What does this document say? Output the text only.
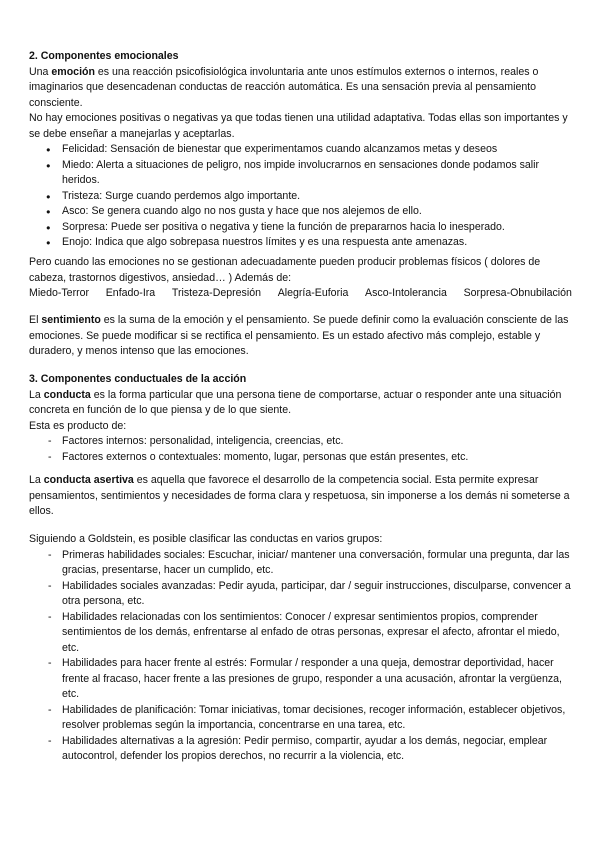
2. Componentes emocionales

Una emoción es una reacción psicofisiológica involuntaria ante unos estímulos externos o internos, reales o imaginarios que desencadenan conductas de reacción automática. Es una sensación previa al pensamiento consciente.

No hay emociones positivas o negativas ya que todas tienen una utilidad adaptativa. Todas ellas son importantes y se debe enseñar a manejarlas y aceptarlas.

● Felicidad: Sensación de bienestar que experimentamos cuando alcanzamos metas y deseos
● Miedo: Alerta a situaciones de peligro, nos impide involucrarnos en sensaciones donde podamos salir heridos.
● Tristeza: Surge cuando perdemos algo importante.
● Asco: Se genera cuando algo no nos gusta y hace que nos alejemos de ello.
● Sorpresa: Puede ser positiva o negativa y tiene la función de prepararnos hacia lo inesperado.
● Enojo: Indica que algo sobrepasa nuestros límites y es una respuesta ante amenazas.

Pero cuando las emociones no se gestionan adecuadamente pueden producir problemas físicos ( dolores de cabeza, trastornos digestivos, ansiedad… ) Además de:

Miedo-Terror Enfado-Ira Tristeza-Depresión Alegría-Euforia Asco-Intolerancia Sorpresa-Obnubilación

El sentimiento es la suma de la emoción y el pensamiento. Se puede definir como la evaluación consciente de las emociones. Se puede modificar si se rectifica el pensamiento. Es un estado afectivo más complejo, estable y duradero, y menos intenso que las emociones.

3. Componentes conductuales de la acción

La conducta es la forma particular que una persona tiene de comportarse, actuar o responder ante una situación concreta en función de lo que piensa y de lo que siente.

Esta es producto de:

- Factores internos: personalidad, inteligencia, creencias, etc.
- Factores externos o contextuales: momento, lugar, personas que están presentes, etc.

La conducta asertiva es aquella que favorece el desarrollo de la competencia social. Esta permite expresar pensamientos, sentimientos y necesidades de forma clara y respetuosa, sin imponerse a los demás ni someterse a ellos.

Siguiendo a Goldstein, es posible clasificar las conductas en varios grupos:

- Primeras habilidades sociales: Escuchar, iniciar/ mantener una conversación, formular una pregunta, dar las gracias, presentarse, hacer un cumplido, etc.
- Habilidades sociales avanzadas: Pedir ayuda, participar, dar / seguir instrucciones, disculparse, convencer a otra persona, etc.
- Habilidades relacionadas con los sentimientos: Conocer / expresar sentimientos propios, comprender sentimientos de los demás, enfrentarse al enfado de otras personas, expresar el afecto, afrontar el miedo, etc.
- Habilidades para hacer frente al estrés: Formular / responder a una queja, demostrar deportividad, hacer frente al fracaso, hacer frente a las presiones de grupo, responder a una acusación, afrontar la vergüenza, etc.
- Habilidades de planificación: Tomar iniciativas, tomar decisiones, recoger información, establecer objetivos, resolver problemas según la importancia, concentrarse en una tarea, etc.
- Habilidades alternativas a la agresión: Pedir permiso, compartir, ayudar a los demás, negociar, emplear autocontrol, defender los propios derechos, no recurrir a la violencia, etc.
